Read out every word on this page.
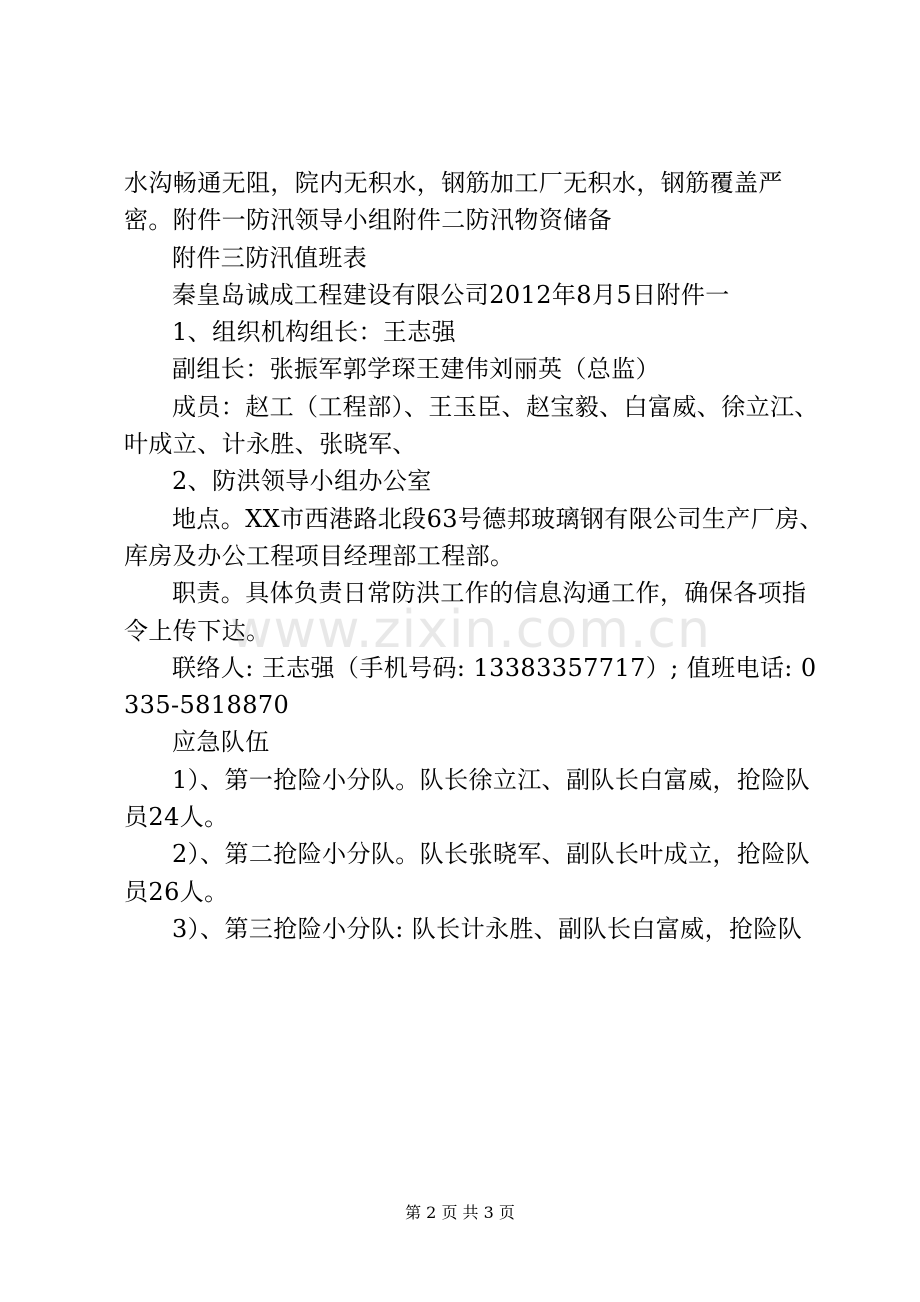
水沟畅通无阻，院内无积水，钢筋加工厂无积水，钢筋覆盖严密。附件一防汛领导小组附件二防汛物资储备

附件三防汛值班表

秦皇岛诚成工程建设有限公司2012年8月5日附件一

1、组织机构组长：王志强

副组长：张振军郭学琛王建伟刘丽英（总监）

成员：赵工（工程部）、王玉臣、赵宝毅、白富威、徐立江、叶成立、计永胜、张晓军、

2、防洪领导小组办公室

地点。XX市西港路北段63号德邦玻璃钢有限公司生产厂房、库房及办公工程项目经理部工程部。

职责。具体负责日常防洪工作的信息沟通工作，确保各项指令上传下达。

联络人: 王志强（手机号码: 13383357717）; 值班电话: 0335-5818870

应急队伍

1）、第一抢险小分队。队长徐立江、副队长白富威，抢险队员24人。

2）、第二抢险小分队。队长张晓军、副队长叶成立，抢险队员26人。

3）、第三抢险小分队: 队长计永胜、副队长白富威，抢险队

www.zixin.com.cn
第 2 页 共 3 页
